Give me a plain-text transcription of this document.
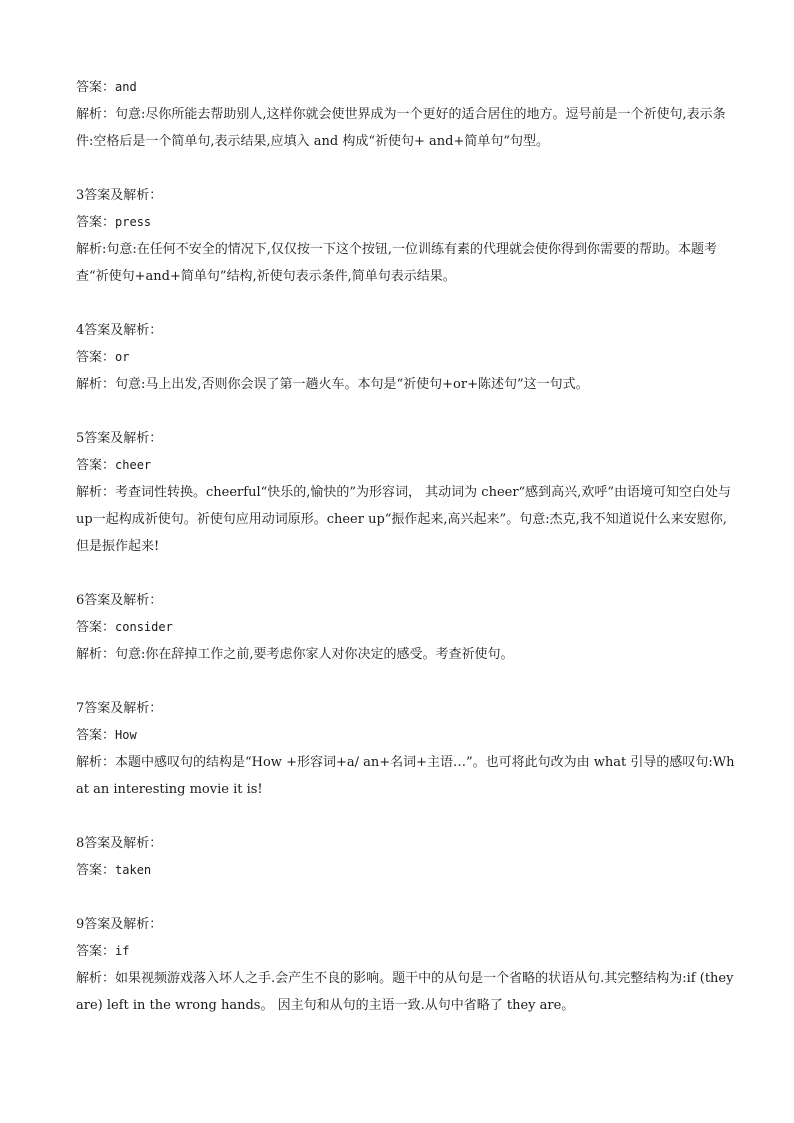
答案：and
解析：句意:尽你所能去帮助别人,这样你就会使世界成为一个更好的适合居住的地方。逗号前是一个祈使句,表示条件:空格后是一个简单句,表示结果,应填入 and 构成“祈使句+ and+简单句”句型。
3答案及解析：
答案：press
解析:句意:在任何不安全的情况下,仅仅按一下这个按钮,一位训练有素的代理就会使你得到你需要的帮助。本题考查“祈使句+and+简单句”结构,祈使句表示条件,简单句表示结果。
4答案及解析：
答案：or
解析：句意:马上出发,否则你会误了第一趟火车。本句是“祈使句+or+陈述句”这一句式。
5答案及解析：
答案：cheer
解析：考查词性转换。cheerful“快乐的,愉快的”为形容词， 其动词为 cheer“感到高兴,欢呼”由语境可知空白处与 up一起构成祈使句。祈使句应用动词原形。cheer up“振作起来,高兴起来”。句意:杰克,我不知道说什么来安慰你,但是振作起来!
6答案及解析：
答案：consider
解析：句意:你在辞掉工作之前,要考虑你家人对你决定的感受。考查祈使句。
7答案及解析：
答案：How
解析：本题中感叹句的结构是“How +形容词+a/ an+名词+主语…”。也可将此句改为由 what 引导的感叹句:What an interesting movie it is!
8答案及解析：
答案：taken
9答案及解析：
答案：if
解析：如果视频游戏落入坏人之手.会产生不良的影响。题干中的从句是一个省略的状语从句.其完整结构为:if (they are) left in the wrong hands。 因主句和从句的主语一致.从句中省略了 they are。
